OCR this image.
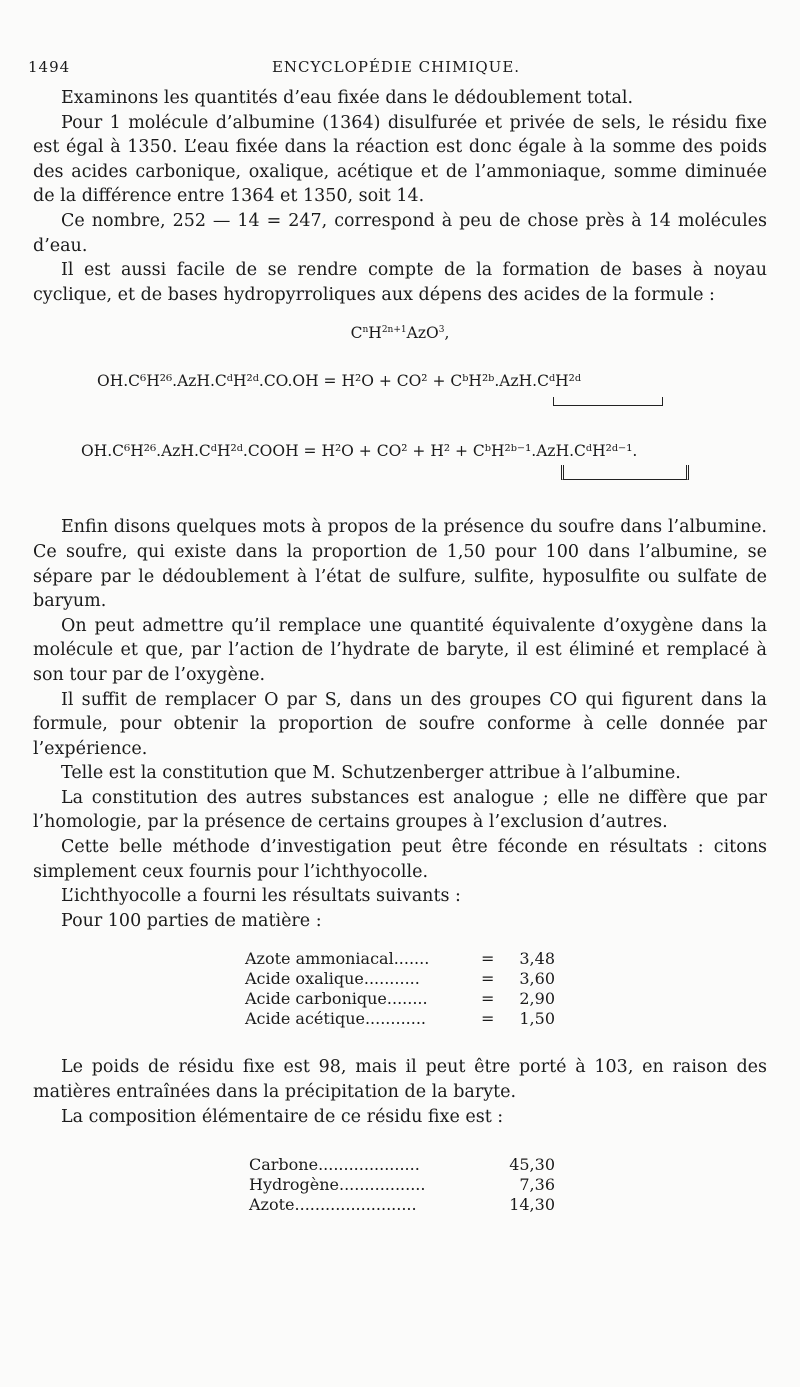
1494	ENCYCLOPÉDIE CHIMIQUE.

Examinons les quantités d’eau fixée dans le dédoublement total.

Pour 1 molécule d’albumine (1364) disulfurée et privée de sels, le résidu fixe est égal à 1350. L’eau fixée dans la réaction est donc égale à la somme des poids des acides carbonique, oxalique, acétique et de l’ammoniaque, somme diminuée de la différence entre 1364 et 1350, soit 14.

Ce nombre, 252 — 14 = 247, correspond à peu de chose près à 14 molécules d’eau.

Il est aussi facile de se rendre compte de la formation de bases à noyau cyclique, et de bases hydropyrroliques aux dépens des acides de la formule :

$C^nH^{2n+1}AzO^3$,
OH.C⁶H²⁶.AzH.CᵈH²ᵈ.CO.OH = H²O + CO² + CᵇH²ᵇ.AzH.CᵈH²ᵈ
OH.C⁶H²⁶.AzH.CᵈH²ᵈ.COOH = H²O + CO² + H² + CᵇH²ᵇ⁻¹.AzH.CᵈH²ᵈ⁻¹.

Enfin disons quelques mots à propos de la présence du soufre dans l’albumine. Ce soufre, qui existe dans la proportion de 1,50 pour 100 dans l’albumine, se sépare par le dédoublement à l’état de sulfure, sulfite, hyposulfite ou sulfate de baryum.

On peut admettre qu’il remplace une quantité équivalente d’oxygène dans la molécule et que, par l’action de l’hydrate de baryte, il est éliminé et remplacé à son tour par de l’oxygène.

Il suffit de remplacer O par S, dans un des groupes CO qui figurent dans la formule, pour obtenir la proportion de soufre conforme à celle donnée par l’expérience.

Telle est la constitution que M. Schutzenberger attribue à l’albumine.

La constitution des autres substances est analogue ; elle ne diffère que par l’homologie, par la présence de certains groupes à l’exclusion d’autres.

Cette belle méthode d’investigation peut être féconde en résultats : citons simplement ceux fournis pour l’ichthyocolle.

L’ichthyocolle a fourni les résultats suivants :

Pour 100 parties de matière :

Azote ammoniacal.......	=	3,48
Acide oxalique...........	=	3,60
Acide carbonique........	=	2,90
Acide acétique............	=	1,50

Le poids de résidu fixe est 98, mais il peut être porté à 103, en raison des matières entraînées dans la précipitation de la baryte.

La composition élémentaire de ce résidu fixe est :

Carbone....................	45,30
Hydrogène.................	7,36
Azote........................	14,30
